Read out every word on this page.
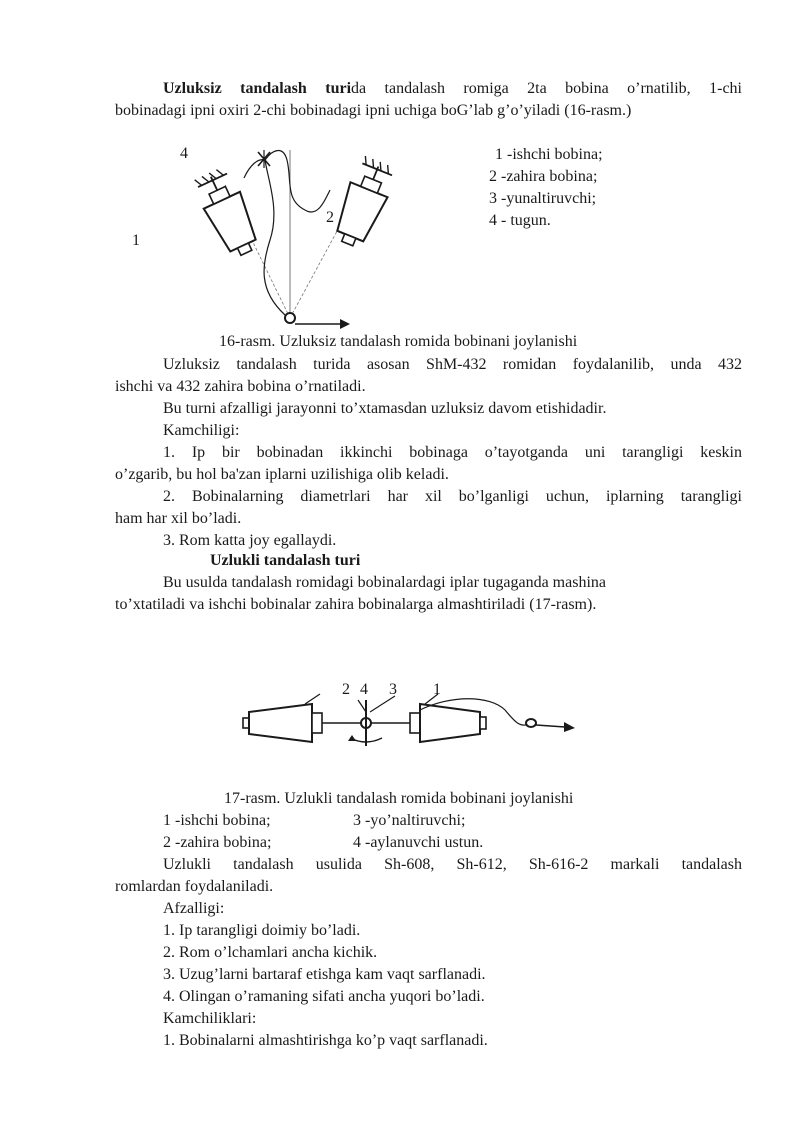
Uzluksiz tandalash turida tandalash romiga 2ta bobina o’rnatilib, 1-chi
bobinadagi ipni oxiri 2-chi bobinadagi ipni uchiga boG’lab g’o’yiladi (16-rasm.)
4
1
2
1 -ishchi bobina;
2 -zahira bobina;
3 -yunaltiruvchi;
4 - tugun.
16-rasm. Uzluksiz tandalash romida bobinani joylanishi
Uzluksiz tandalash turida asosan ShM-432 romidan foydalanilib, unda 432
ishchi va 432 zahira bobina o’rnatiladi.
Bu turni afzalligi jarayonni to’xtamasdan uzluksiz davom etishidadir.
Kamchiligi:
1. Ip bir bobinadan ikkinchi bobinaga o’tayotganda uni tarangligi keskin
o’zgarib, bu hol ba'zan iplarni uzilishiga olib keladi.
2. Bobinalarning diametrlari har xil bo’lganligi uchun, iplarning tarangligi
ham har xil bo’ladi.
3. Rom katta joy egallaydi.
Uzlukli tandalash turi
Bu usulda tandalash romidagi bobinalardagi iplar tugaganda mashina
to’xtatiladi va ishchi bobinalar zahira bobinalarga almashtiriladi (17-rasm).
2 4 3 1
17-rasm. Uzlukli tandalash romida bobinani joylanishi
1 -ishchi bobina;	3 -yo’naltiruvchi;
2 -zahira bobina;	4 -aylanuvchi ustun.
Uzlukli tandalash usulida Sh-608, Sh-612, Sh-616-2 markali tandalash
romlardan foydalaniladi.
Afzalligi:
1. Ip tarangligi doimiy bo’ladi.
2. Rom o’lchamlari ancha kichik.
3. Uzug’larni bartaraf etishga kam vaqt sarflanadi.
4. Olingan o’ramaning sifati ancha yuqori bo’ladi.
Kamchiliklari:
1. Bobinalarni almashtirishga ko’p vaqt sarflanadi.
